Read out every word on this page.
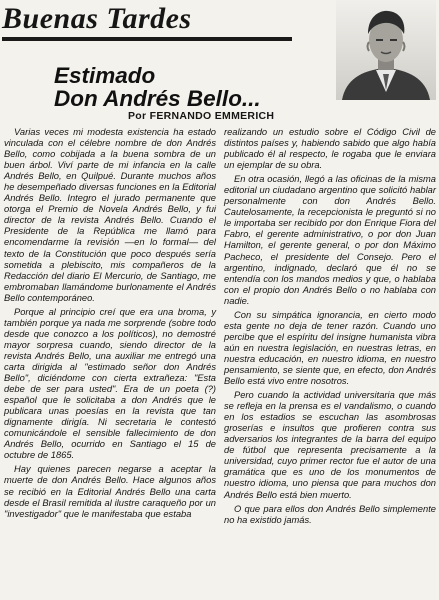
Buenas Tardes
Estimado
Don Andrés Bello...
Por FERNANDO EMMERICH

Varias veces mi modesta existencia ha estado vinculada con el célebre nombre de don Andrés Bello, como cobijada a la buena sombra de un buen árbol. Viví parte de mi infancia en la calle Andrés Bello, en Quilpué. Durante muchos años he desempeñado diversas funciones en la Editorial Andrés Bello. Integro el jurado permanente que otorga el Premio de Novela Andrés Bello, y fui director de la revista Andrés Bello. Cuando el Presidente de la República me llamó para encomendarme la revisión —en lo formal— del texto de la Constitución que poco después sería sometida a plebiscito, mis compañeros de la Redacción del diario El Mercurio, de Santiago, me embromaban llamándome burlonamente el Andrés Bello contemporáneo.

Porque al principio creí que era una broma, y también porque ya nada me sorprende (sobre todo desde que conozco a los políticos), no demostré mayor sorpresa cuando, siendo director de la revista Andrés Bello, una auxiliar me entregó una carta dirigida al "estimado señor don Andrés Bello", diciéndome con cierta extrañeza: "Esta debe de ser para usted". Era de un poeta (?) español que le solicitaba a don Andrés que le publicara unas poesías en la revista que tan dignamente dirigía. Ni secretaria le contestó comunicándole el sensible fallecimiento de don Andrés Bello, ocurrido en Santiago el 15 de octubre de 1865.

Hay quienes parecen negarse a aceptar la muerte de don Andrés Bello. Hace algunos años se recibió en la Editorial Andrés Bello una carta desde el Brasil remitida al ilustre caraqueño por un "investigador" que le manifestaba que estaba

realizando un estudio sobre el Código Civil de distintos países y, habiendo sabido que algo había publicado él al respecto, le rogaba que le enviara un ejemplar de su obra.

En otra ocasión, llegó a las oficinas de la misma editorial un ciudadano argentino que solicitó hablar personalmente con don Andrés Bello. Cautelosamente, la recepcionista le preguntó si no le importaba ser recibido por don Enrique Fiora del Fabro, el gerente administrativo, o por don Juan Hamilton, el gerente general, o por don Máximo Pacheco, el presidente del Consejo. Pero el argentino, indignado, declaró que él no se entendía con los mandos medios y que, o hablaba con el propio don Andrés Bello o no hablaba con nadie.

Con su simpática ignorancia, en cierto modo esta gente no deja de tener razón. Cuando uno percibe que el espíritu del insigne humanista vibra aún en nuestra legislación, en nuestras letras, en nuestra educación, en nuestro idioma, en nuestro pensamiento, se siente que, en efecto, don Andrés Bello está vivo entre nosotros.

Pero cuando la actividad universitaria que más se refleja en la prensa es el vandalismo, o cuando en los estadios se escuchan las asombrosas groserías e insultos que profieren contra sus adversarios los integrantes de la barra del equipo de fútbol que representa precisamente a la universidad, cuyo primer rector fue el autor de una gramática que es uno de los monumentos de nuestro idioma, uno piensa que para muchos don Andrés Bello está bien muerto.

O que para ellos don Andrés Bello simplemente no ha existido jamás.
